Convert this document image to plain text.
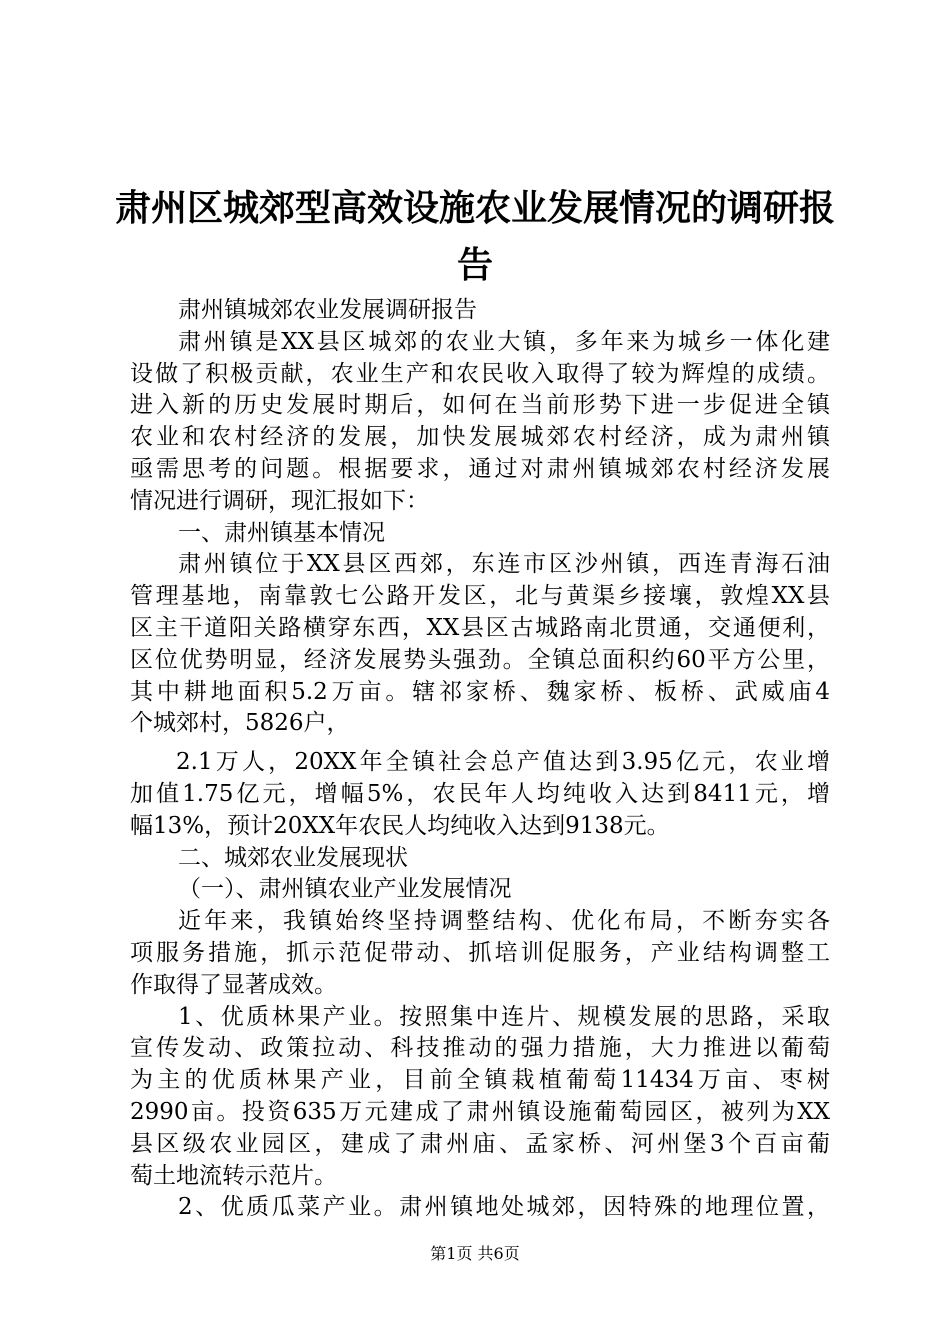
肃州区城郊型高效设施农业发展情况的调研报
告
肃州镇城郊农业发展调研报告
肃州镇是XX县区城郊的农业大镇，多年来为城乡一体化建
设做了积极贡献，农业生产和农民收入取得了较为辉煌的成绩。
进入新的历史发展时期后，如何在当前形势下进一步促进全镇
农业和农村经济的发展，加快发展城郊农村经济，成为肃州镇
亟需思考的问题。根据要求，通过对肃州镇城郊农村经济发展
情况进行调研，现汇报如下：
一、肃州镇基本情况
肃州镇位于XX县区西郊，东连市区沙州镇，西连青海石油
管理基地，南靠敦七公路开发区，北与黄渠乡接壤，敦煌XX县
区主干道阳关路横穿东西，XX县区古城路南北贯通，交通便利，
区位优势明显，经济发展势头强劲。全镇总面积约60平方公里，
其中耕地面积5.2万亩。辖祁家桥、魏家桥、板桥、武威庙4
个城郊村，5826户，
2.1万人，20XX年全镇社会总产值达到3.95亿元，农业增
加值1.75亿元，增幅5%，农民年人均纯收入达到8411元，增
幅13%，预计20XX年农民人均纯收入达到9138元。
二、城郊农业发展现状
（一）、肃州镇农业产业发展情况
近年来，我镇始终坚持调整结构、优化布局，不断夯实各
项服务措施，抓示范促带动、抓培训促服务，产业结构调整工
作取得了显著成效。
1、优质林果产业。按照集中连片、规模发展的思路，采取
宣传发动、政策拉动、科技推动的强力措施，大力推进以葡萄
为主的优质林果产业，目前全镇栽植葡萄11434万亩、枣树
2990亩。投资635万元建成了肃州镇设施葡萄园区，被列为XX
县区级农业园区，建成了肃州庙、孟家桥、河州堡3个百亩葡
萄土地流转示范片。
2、优质瓜菜产业。肃州镇地处城郊，因特殊的地理位置，
第1页 共6页
